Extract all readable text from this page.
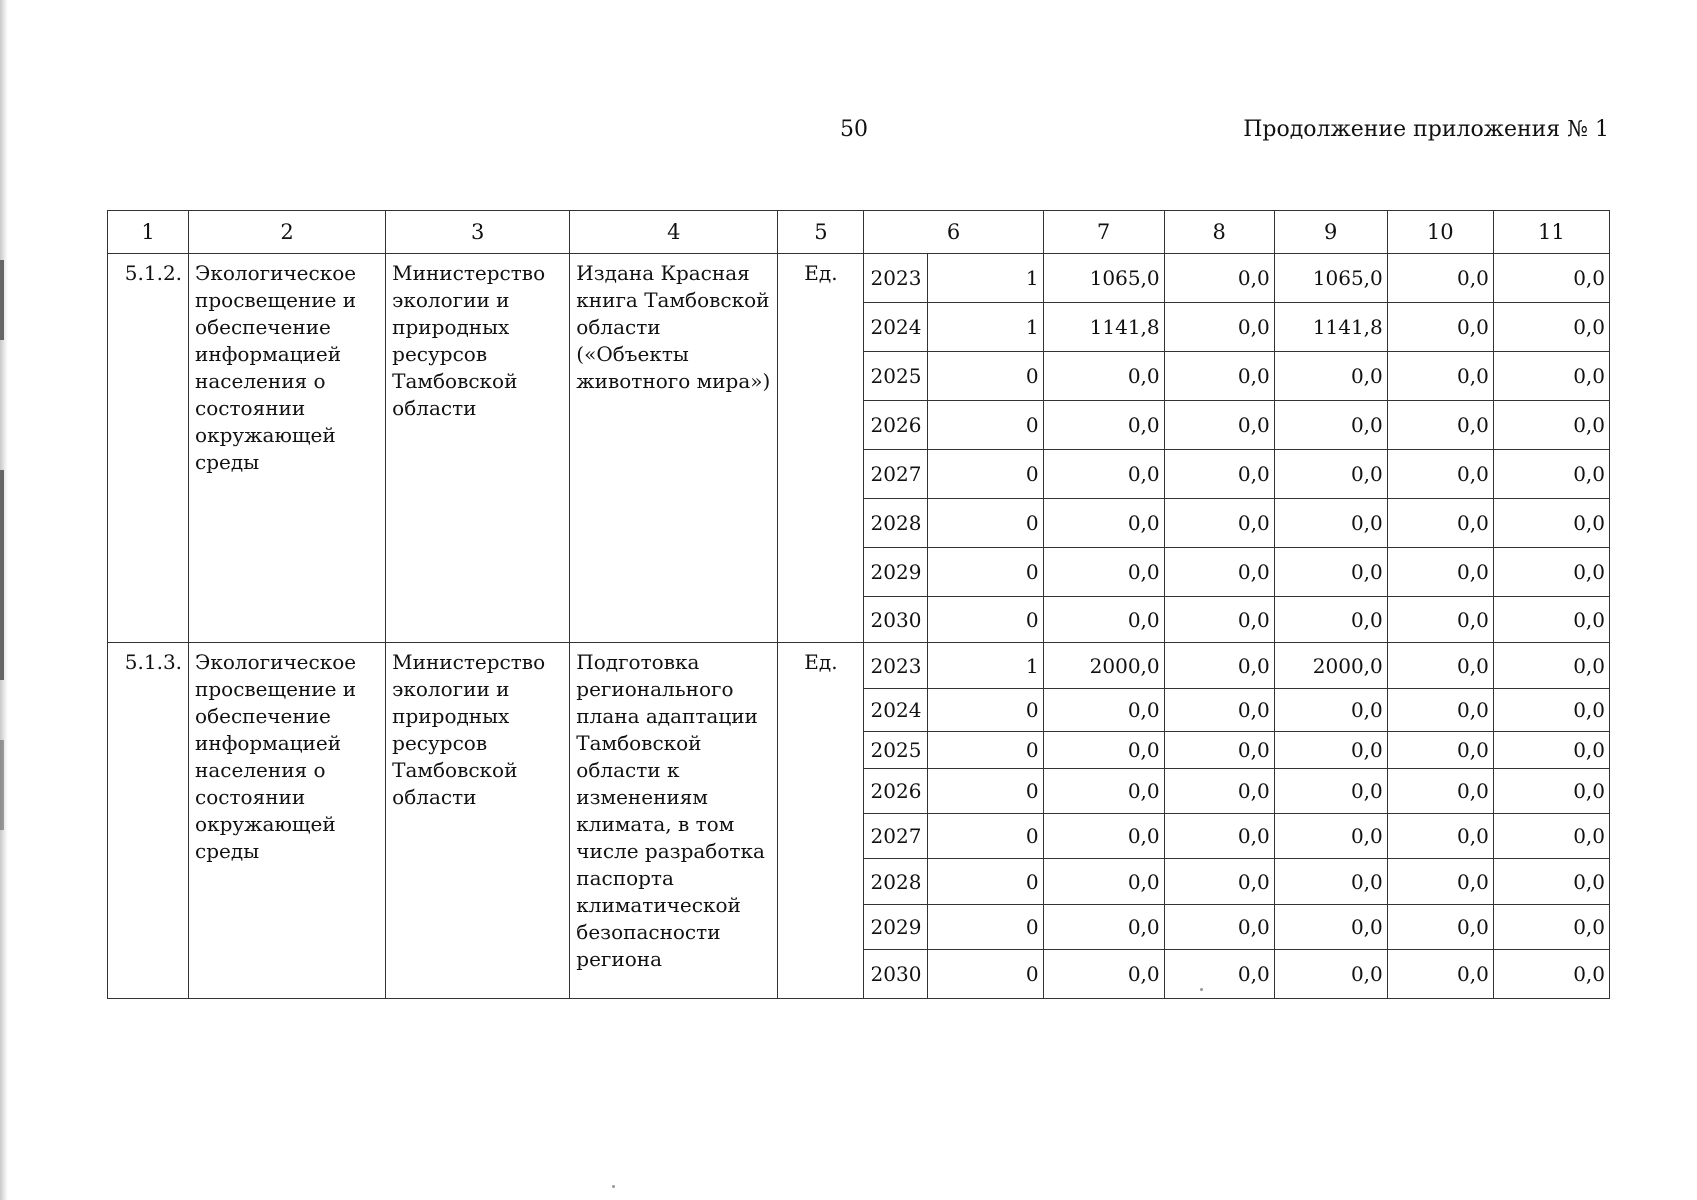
50	Продолжение приложения № 1
1	2	3	4	5	6		7	8	9	10	11

5.1.2.	Экологическое просвещение и обеспечение информацией населения о состоянии окружающей среды	Министерство экологии и природных ресурсов Тамбовской области	Издана Красная книга Тамбовской области («Объекты животного мира»)	Ед.	2023	1	1065,0	0,0	1065,0	0,0	0,0
					2024	1	1141,8	0,0	1141,8	0,0	0,0
					2025	0	0,0	0,0	0,0	0,0	0,0
					2026	0	0,0	0,0	0,0	0,0	0,0
					2027	0	0,0	0,0	0,0	0,0	0,0
					2028	0	0,0	0,0	0,0	0,0	0,0
					2029	0	0,0	0,0	0,0	0,0	0,0
					2030	0	0,0	0,0	0,0	0,0	0,0

5.1.3.	Экологическое просвещение и обеспечение информацией населения о состоянии окружающей среды	Министерство экологии и природных ресурсов Тамбовской области	Подготовка регионального плана адаптации Тамбовской области к изменениям климата, в том числе разработка паспорта климатической безопасности региона	Ед.	2023	1	2000,0	0,0	2000,0	0,0	0,0
					2024	0	0,0	0,0	0,0	0,0	0,0
					2025	0	0,0	0,0	0,0	0,0	0,0
					2026	0	0,0	0,0	0,0	0,0	0,0
					2027	0	0,0	0,0	0,0	0,0	0,0
					2028	0	0,0	0,0	0,0	0,0	0,0
					2029	0	0,0	0,0	0,0	0,0	0,0
					2030	0	0,0	0,0	0,0	0,0	0,0
